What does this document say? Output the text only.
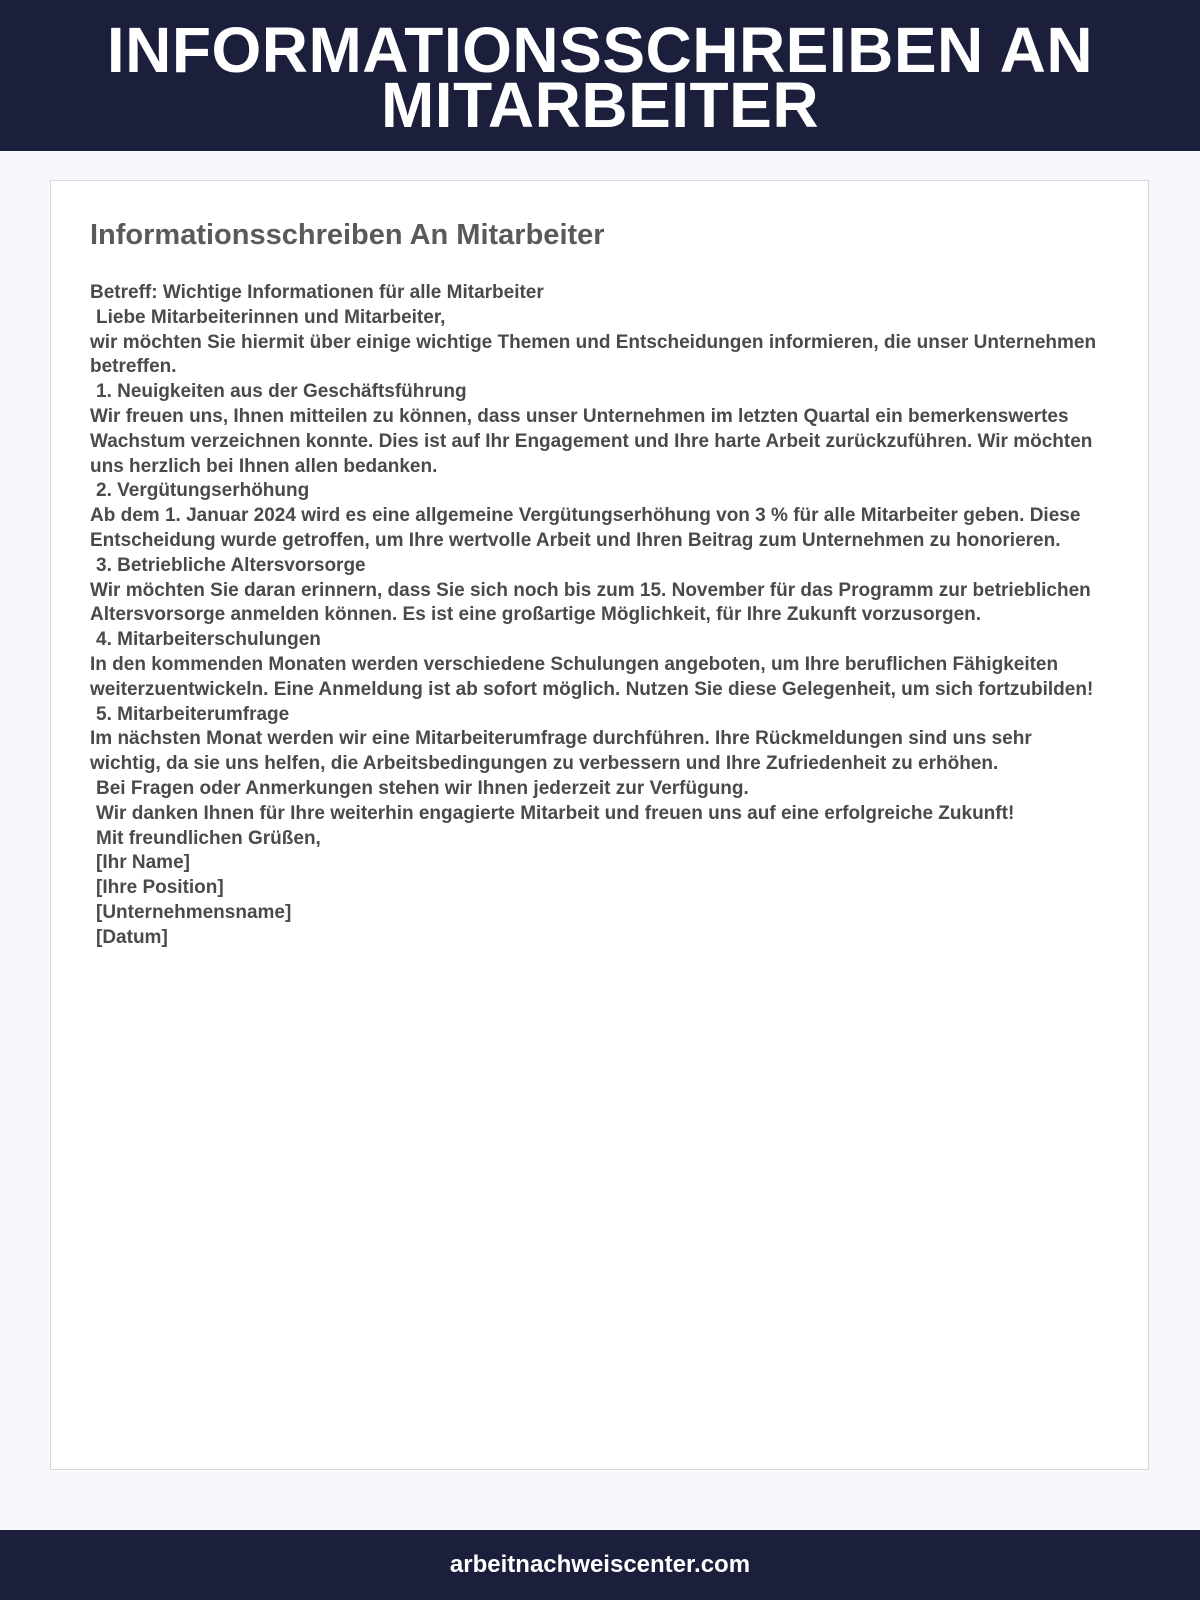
INFORMATIONSSCHREIBEN AN
MITARBEITER
Informationsschreiben An Mitarbeiter

Betreff: Wichtige Informationen für alle Mitarbeiter

Liebe Mitarbeiterinnen und Mitarbeiter,

wir möchten Sie hiermit über einige wichtige Themen und Entscheidungen informieren, die unser Unternehmen betreffen.

1. Neuigkeiten aus der Geschäftsführung

Wir freuen uns, Ihnen mitteilen zu können, dass unser Unternehmen im letzten Quartal ein bemerkenswertes Wachstum verzeichnen konnte. Dies ist auf Ihr Engagement und Ihre harte Arbeit zurückzuführen. Wir möchten uns herzlich bei Ihnen allen bedanken.

2. Vergütungserhöhung

Ab dem 1. Januar 2024 wird es eine allgemeine Vergütungserhöhung von 3 % für alle Mitarbeiter geben. Diese Entscheidung wurde getroffen, um Ihre wertvolle Arbeit und Ihren Beitrag zum Unternehmen zu honorieren.

3. Betriebliche Altersvorsorge

Wir möchten Sie daran erinnern, dass Sie sich noch bis zum 15. November für das Programm zur betrieblichen Altersvorsorge anmelden können. Es ist eine großartige Möglichkeit, für Ihre Zukunft vorzusorgen.

4. Mitarbeiterschulungen

In den kommenden Monaten werden verschiedene Schulungen angeboten, um Ihre beruflichen Fähigkeiten weiterzuentwickeln. Eine Anmeldung ist ab sofort möglich. Nutzen Sie diese Gelegenheit, um sich fortzubilden!

5. Mitarbeiterumfrage

Im nächsten Monat werden wir eine Mitarbeiterumfrage durchführen. Ihre Rückmeldungen sind uns sehr wichtig, da sie uns helfen, die Arbeitsbedingungen zu verbessern und Ihre Zufriedenheit zu erhöhen.

Bei Fragen oder Anmerkungen stehen wir Ihnen jederzeit zur Verfügung.

Wir danken Ihnen für Ihre weiterhin engagierte Mitarbeit und freuen uns auf eine erfolgreiche Zukunft!

Mit freundlichen Grüßen,

[Ihr Name]

[Ihre Position]

[Unternehmensname]

[Datum]

arbeitnachweiscenter.com
